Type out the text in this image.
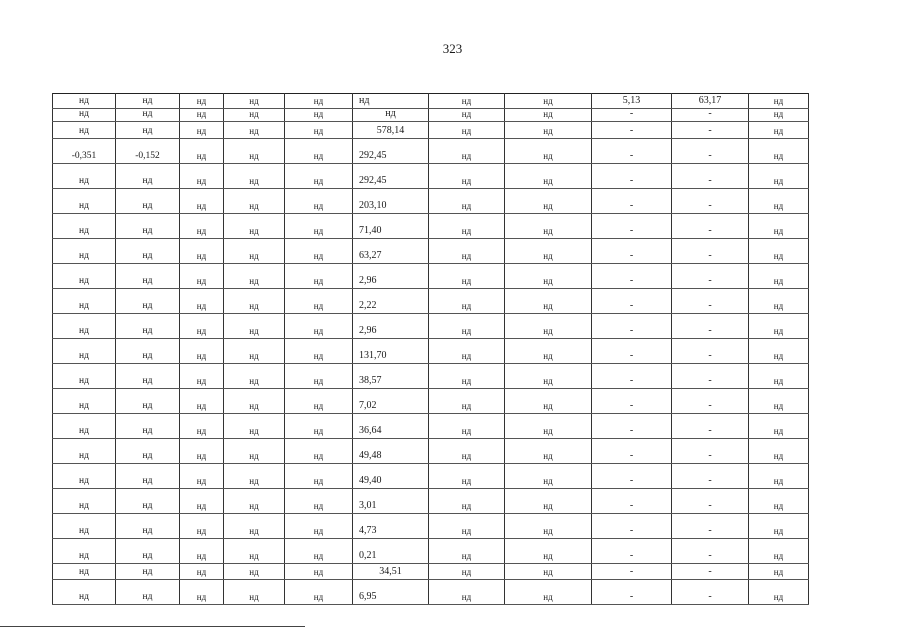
323
нд	нд	нд	нд	нд	нд	нд	нд	5,13	63,17	нд
нд	нд	нд	нд	нд	нд	нд	нд	-	-	нд
нд	нд	нд	нд	нд	578,14	нд	нд	-	-	нд
-0,351	-0,152	нд	нд	нд	292,45	нд	нд	-	-	нд
нд	нд	нд	нд	нд	292,45	нд	нд	-	-	нд
нд	нд	нд	нд	нд	203,10	нд	нд	-	-	нд
нд	нд	нд	нд	нд	71,40	нд	нд	-	-	нд
нд	нд	нд	нд	нд	63,27	нд	нд	-	-	нд
нд	нд	нд	нд	нд	2,96	нд	нд	-	-	нд
нд	нд	нд	нд	нд	2,22	нд	нд	-	-	нд
нд	нд	нд	нд	нд	2,96	нд	нд	-	-	нд
нд	нд	нд	нд	нд	131,70	нд	нд	-	-	нд
нд	нд	нд	нд	нд	38,57	нд	нд	-	-	нд
нд	нд	нд	нд	нд	7,02	нд	нд	-	-	нд
нд	нд	нд	нд	нд	36,64	нд	нд	-	-	нд
нд	нд	нд	нд	нд	49,48	нд	нд	-	-	нд
нд	нд	нд	нд	нд	49,40	нд	нд	-	-	нд
нд	нд	нд	нд	нд	3,01	нд	нд	-	-	нд
нд	нд	нд	нд	нд	4,73	нд	нд	-	-	нд
нд	нд	нд	нд	нд	0,21	нд	нд	-	-	нд
нд	нд	нд	нд	нд	34,51	нд	нд	-	-	нд
нд	нд	нд	нд	нд	6,95	нд	нд	-	-	нд
